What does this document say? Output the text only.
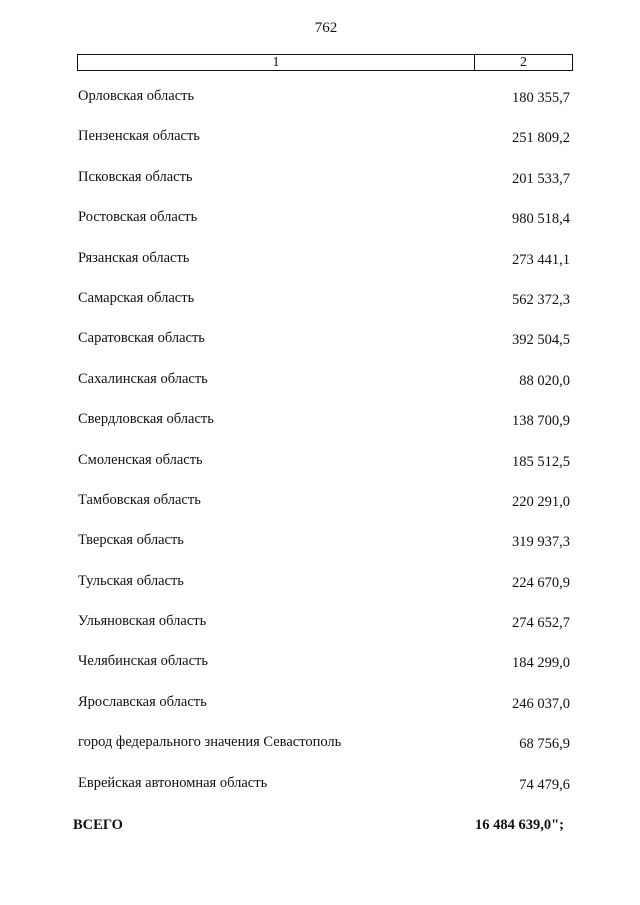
762
1	2
Орловская область	180 355,7
Пензенская область	251 809,2
Псковская область	201 533,7
Ростовская область	980 518,4
Рязанская область	273 441,1
Самарская область	562 372,3
Саратовская область	392 504,5
Сахалинская область	88 020,0
Свердловская область	138 700,9
Смоленская область	185 512,5
Тамбовская область	220 291,0
Тверская область	319 937,3
Тульская область	224 670,9
Ульяновская область	274 652,7
Челябинская область	184 299,0
Ярославская область	246 037,0
город федерального значения Севастополь	68 756,9
Еврейская автономная область	74 479,6
ВСЕГО	16 484 639,0";
